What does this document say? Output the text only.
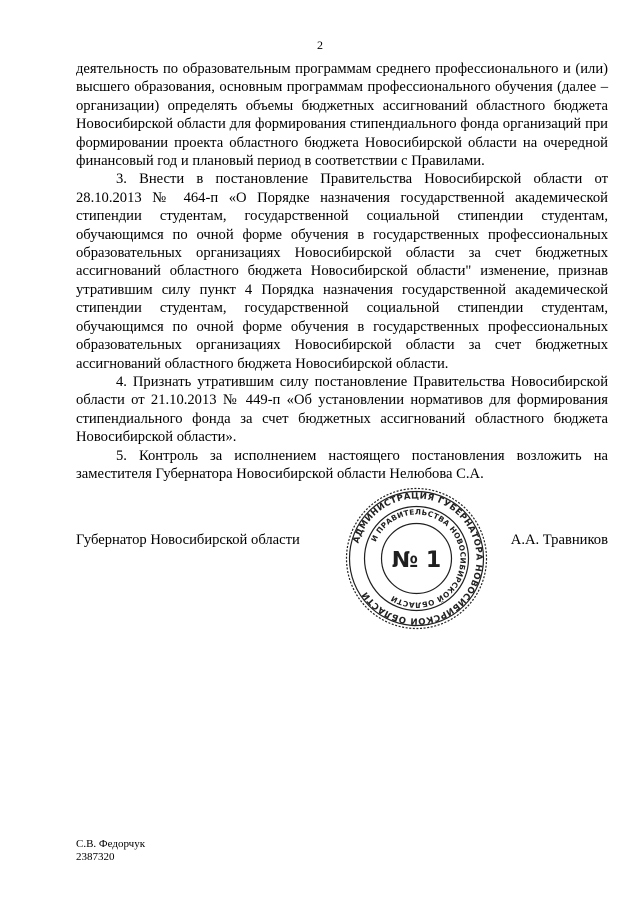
2

деятельность по образовательным программам среднего профессионального и (или) высшего образования, основным программам профессионального обучения (далее – организации) определять объемы бюджетных ассигнований областного бюджета Новосибирской области для формирования стипендиального фонда организаций при формировании проекта областного бюджета Новосибирской области на очередной финансовый год и плановый период в соответствии с Правилами.

3. Внести в постановление Правительства Новосибирской области от 28.10.2013 № 464-п «О Порядке назначения государственной академической стипендии студентам, государственной социальной стипендии студентам, обучающимся по очной форме обучения в государственных профессиональных образовательных организациях Новосибирской области за счет бюджетных ассигнований областного бюджета Новосибирской области" изменение, признав утратившим силу пункт 4 Порядка назначения государственной академической стипендии студентам, государственной социальной стипендии студентам, обучающимся по очной форме обучения в государственных профессиональных образовательных организациях Новосибирской области за счет бюджетных ассигнований областного бюджета Новосибирской области.

4. Признать утратившим силу постановление Правительства Новосибирской области от 21.10.2013 № 449-п «Об установлении нормативов для формирования стипендиального фонда за счет бюджетных ассигнований областного бюджета Новосибирской области».

5. Контроль за исполнением настоящего постановления возложить на заместителя Губернатора Новосибирской области Нелюбова С.А.

Губернатор Новосибирской области	А.А. Травников
АДМИНИСТРАЦИЯ ГУБЕРНАТОРА НОВОСИБИРСКОЙ ОБЛАСТИ
И ПРАВИТЕЛЬСТВА НОВОСИБИРСКОЙ ОБЛАСТИ
№ 1
С.В. Федорчук
2387320
